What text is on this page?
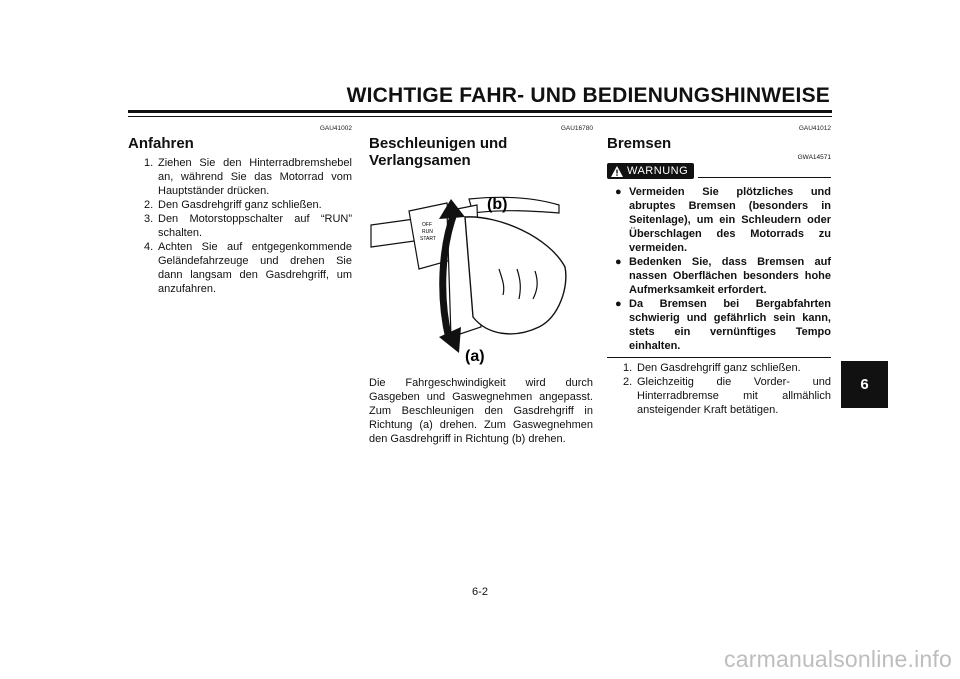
WICHTIGE FAHR- UND BEDIENUNGSHINWEISE
6
GAU41002
Anfahren
1. Ziehen Sie den Hinterradbremshebel an, während Sie das Motorrad vom Hauptständer drücken.
2. Den Gasdrehgriff ganz schließen.
3. Den Motorstoppschalter auf “RUN” schalten.
4. Achten Sie auf entgegenkommende Geländefahrzeuge und drehen Sie dann langsam den Gasdrehgriff, um anzufahren.
GAU16780
Beschleunigen und
Verlangsamen
OFF
RUN
START
(b)
(a)

Die Fahrgeschwindigkeit wird durch Gasgeben und Gaswegnehmen angepasst. Zum Beschleunigen den Gasdrehgriff in Richtung (a) drehen. Zum Gaswegnehmen den Gasdrehgriff in Richtung (b) drehen.

GAU41012
Bremsen
GWA14571
WARNUNG
● Vermeiden Sie plötzliches und abruptes Bremsen (besonders in Seitenlage), um ein Schleudern oder Überschlagen des Motorrads zu vermeiden.
● Bedenken Sie, dass Bremsen auf nassen Oberflächen besonders hohe Aufmerksamkeit erfordert.
● Da Bremsen bei Bergabfahrten schwierig und gefährlich sein kann, stets ein vernünftiges Tempo einhalten.
1. Den Gasdrehgriff ganz schließen.
2. Gleichzeitig die Vorder- und Hinterradbremse mit allmählich ansteigender Kraft betätigen.
6-2
carmanualsonline.info
